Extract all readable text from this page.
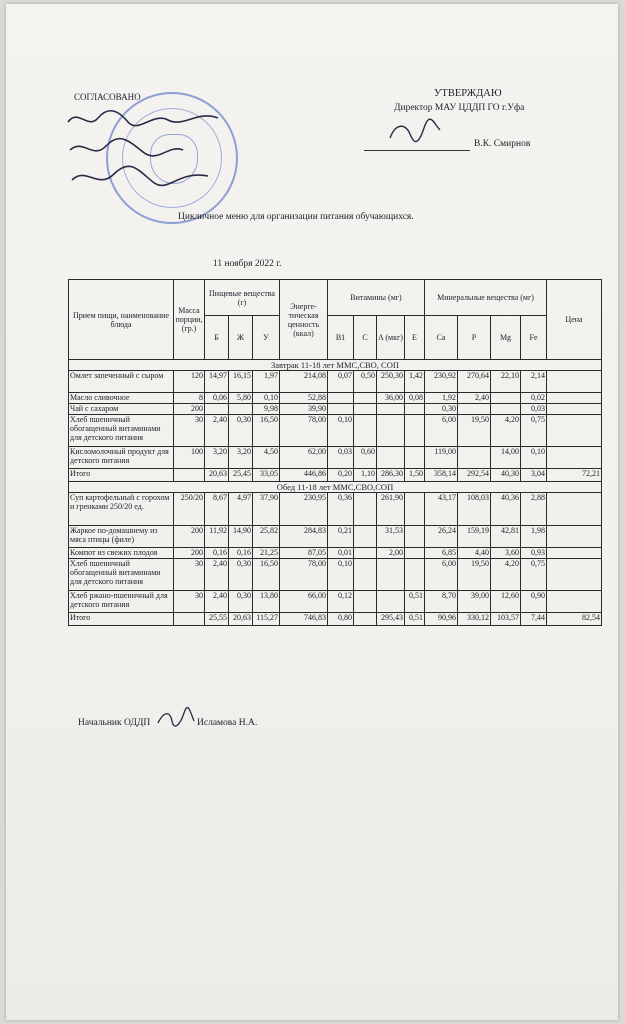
СОГЛАСОВАНО	УТВЕРЖДАЮ
Директор МАУ ЦДДП ГО г.Уфа
В.К. Смирнов
Цикличное меню для организации питания обучающихся.
11 ноября 2022 г.
Прием пищи, наименование блюда	Масса порции, (гр.)	Пищевые вещества (г)			Энерге-тическая ценность (ккал)	Витамины (мг)				Минеральные вещества (мг)				Цена
		Б	Ж	У		B1	C	A (мкг)	E	Ca	P	Mg	Fe	
Завтрак 11-18 лет ММС,СВО, СОП														
Омлет запеченный с сыром	120	14,97	16,15	1,97	214,08	0,07	0,50	250,30	1,42	230,92	270,64	22,10	2,14	
Масло сливочное	8	0,06	5,80	0,10	52,88			36,00	0,08	1,92	2,40		0,02	
Чай с сахаром	200			9,98	39,90					0,30			0,03	
Хлеб пшеничный обогащенный витаминами для детского питания	30	2,40	0,30	16,50	78,00	0,10				6,00	19,50	4,20	0,75	
Кисломолочный продукт для детского питания	100	3,20	3,20	4,50	62,00	0,03	0,60			119,00		14,00	0,10	
Итого		20,63	25,45	33,05	446,86	0,20	1,10	286,30	1,50	358,14	292,54	40,30	3,04	72,21
Обед 11-18 лет ММС,СВО,СОП														
Суп картофельный с горохом и гренками 250/20 ед.	250/20	8,67	4,97	37,90	230,95	0,36		261,90		43,17	108,03	40,36	2,88	
Жаркое по-домашнему из мяса птицы (филе)	200	11,92	14,90	25,82	284,83	0,21		31,53		26,24	159,19	42,81	1,98	
Компот из свежих плодов	200	0,16	0,16	21,25	87,05	0,01		2,00		6,85	4,40	3,60	0,93	
Хлеб пшеничный обогащенный витаминами для детского питания	30	2,40	0,30	16,50	78,00	0,10				6,00	19,50	4,20	0,75	
Хлеб ржано-пшеничный для детского питания	30	2,40	0,30	13,80	66,00	0,12			0,51	8,70	39,00	12,60	0,90	
Итого		25,55	20,63	115,27	746,83	0,80		295,43	0,51	90,96	330,12	103,57	7,44	82,54
Начальник ОДДП	Исламова Н.А.
